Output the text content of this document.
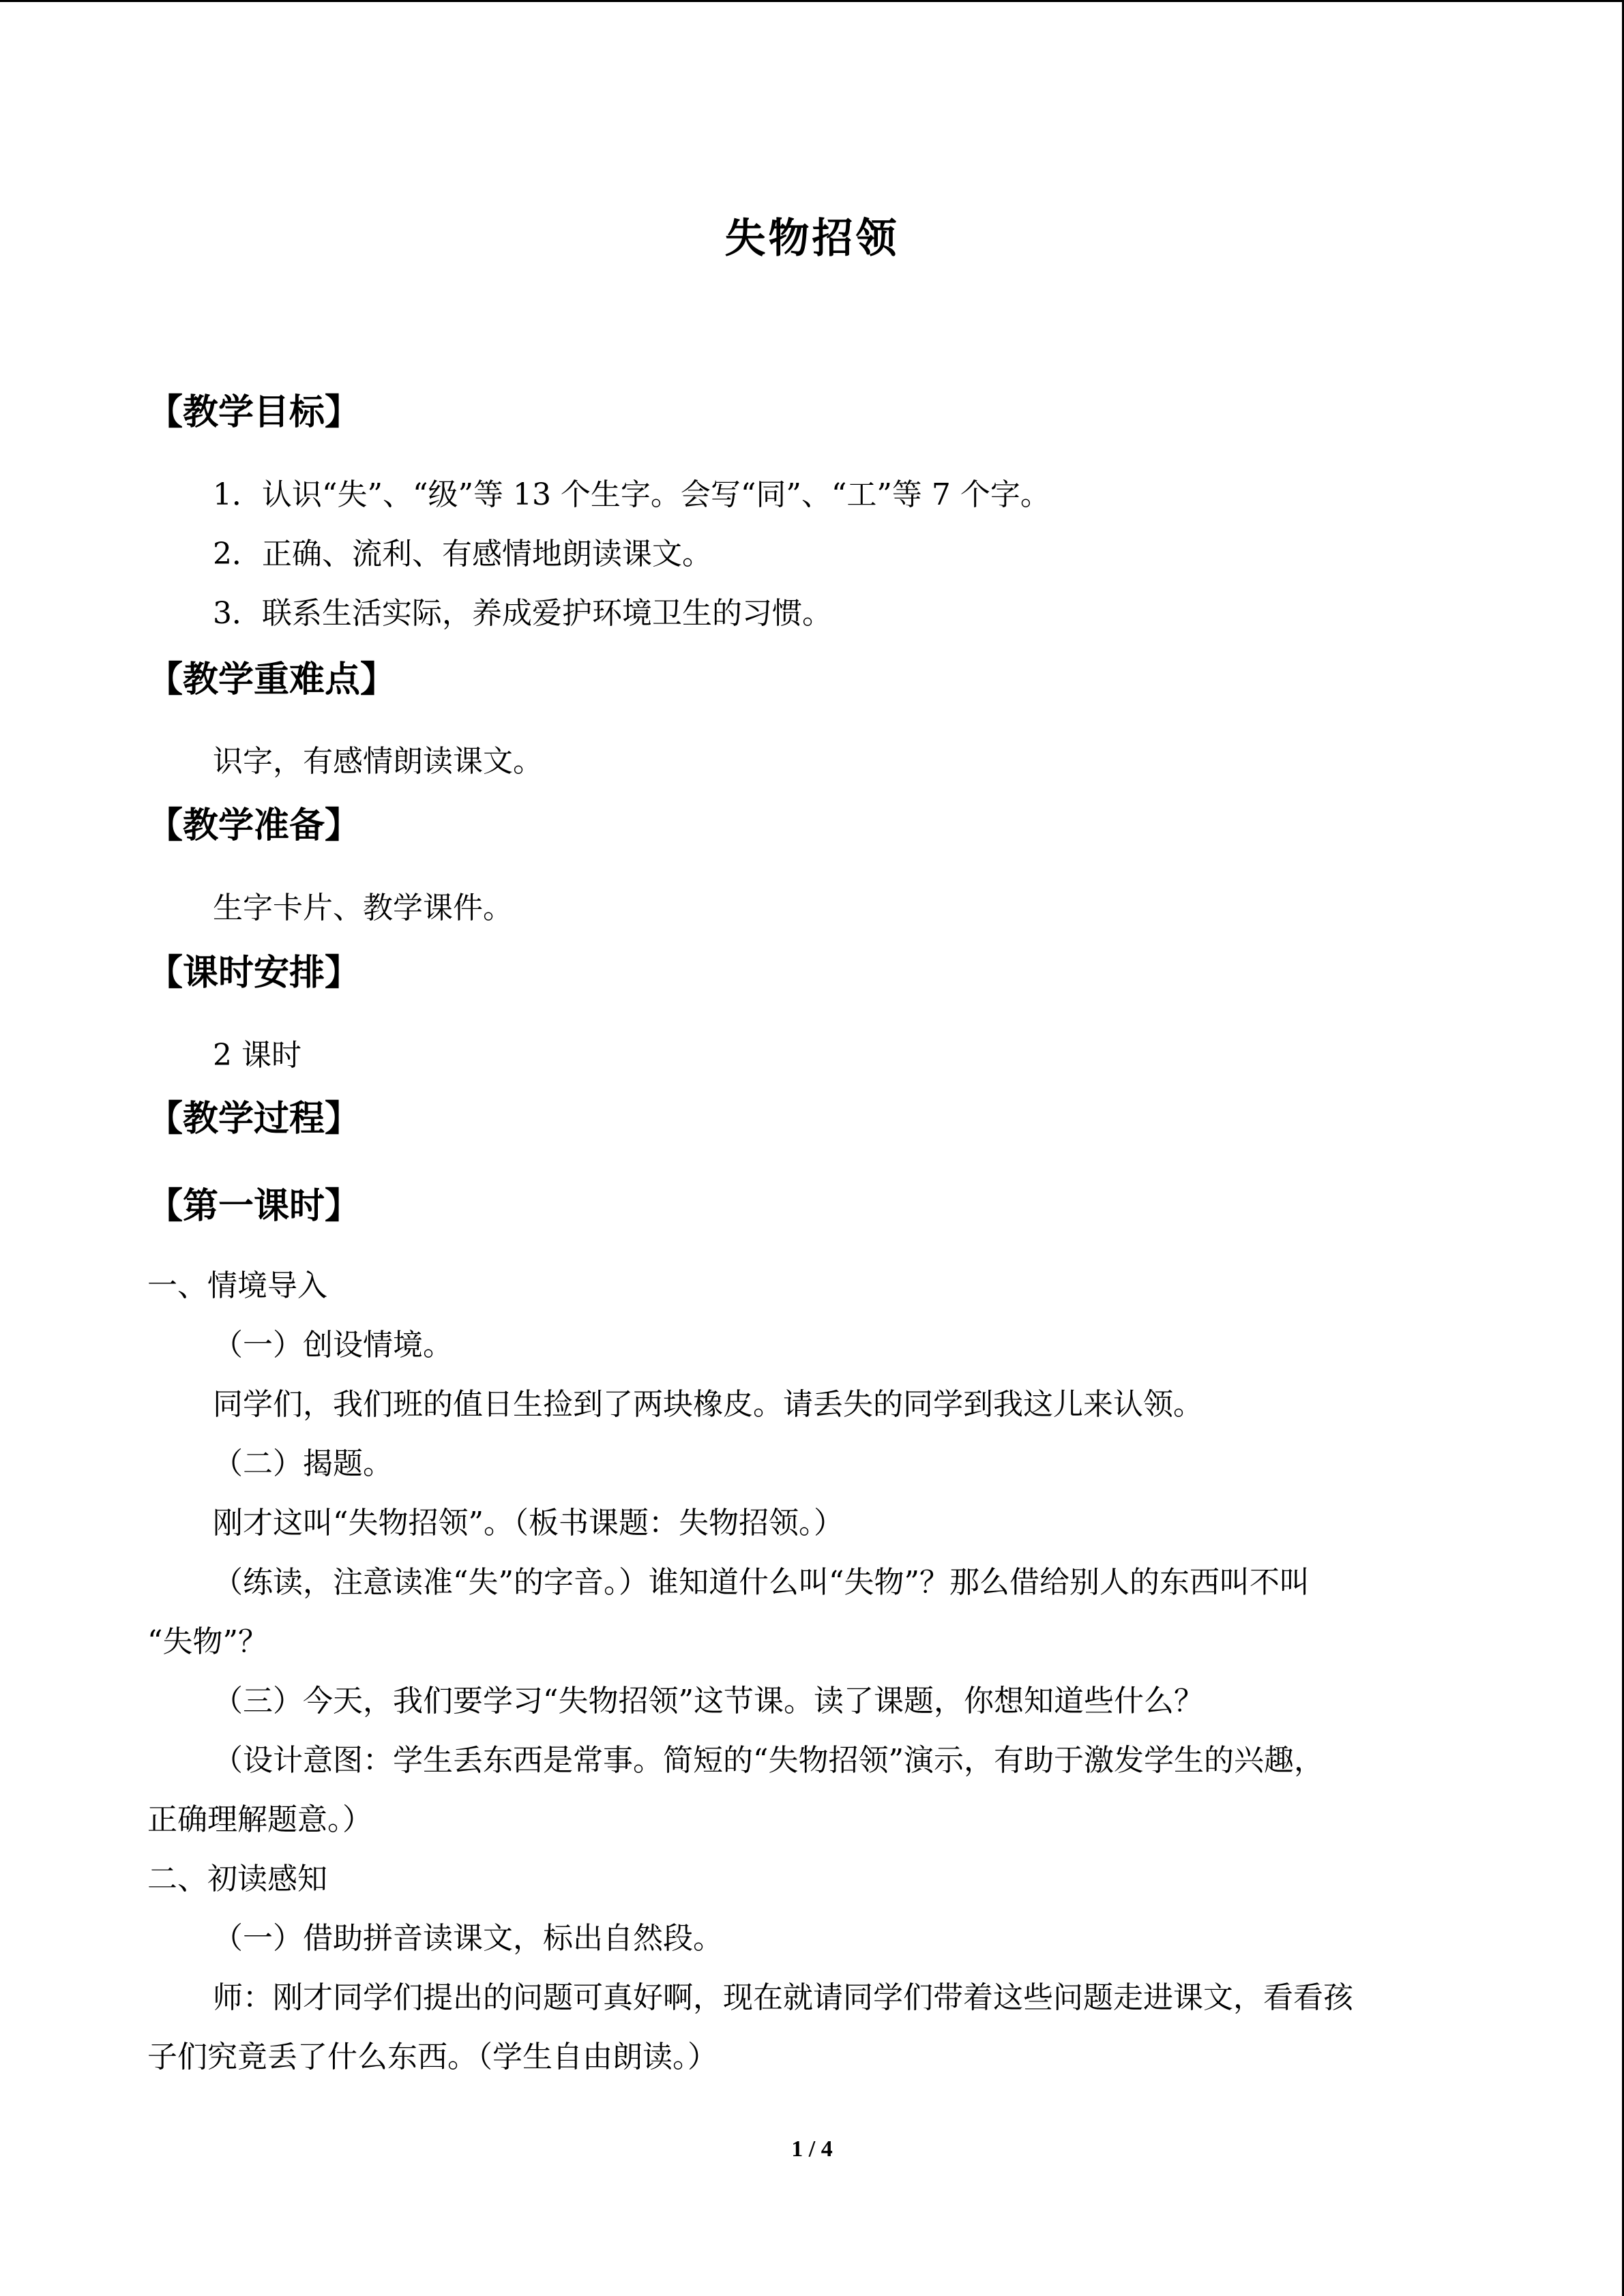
失物招领
【教学目标】
1．认识“失”、“级”等 13 个生字。会写“同”、“工”等 7 个字。
2．正确、流利、有感情地朗读课文。
3．联系生活实际，养成爱护环境卫生的习惯。
【教学重难点】
识字，有感情朗读课文。
【教学准备】
生字卡片、教学课件。
【课时安排】
2 课时
【教学过程】
【第一课时】
一、情境导入
（一）创设情境。
同学们，我们班的值日生捡到了两块橡皮。请丢失的同学到我这儿来认领。
（二）揭题。
刚才这叫“失物招领”。（板书课题：失物招领。）
（练读，注意读准“失”的字音。）谁知道什么叫“失物”？那么借给别人的东西叫不叫
“失物”？
（三）今天，我们要学习“失物招领”这节课。读了课题，你想知道些什么？
（设计意图：学生丢东西是常事。简短的“失物招领”演示，有助于激发学生的兴趣，
正确理解题意。）
二、初读感知
（一）借助拼音读课文，标出自然段。
师：刚才同学们提出的问题可真好啊，现在就请同学们带着这些问题走进课文，看看孩
子们究竟丢了什么东西。（学生自由朗读。）
1 / 4
